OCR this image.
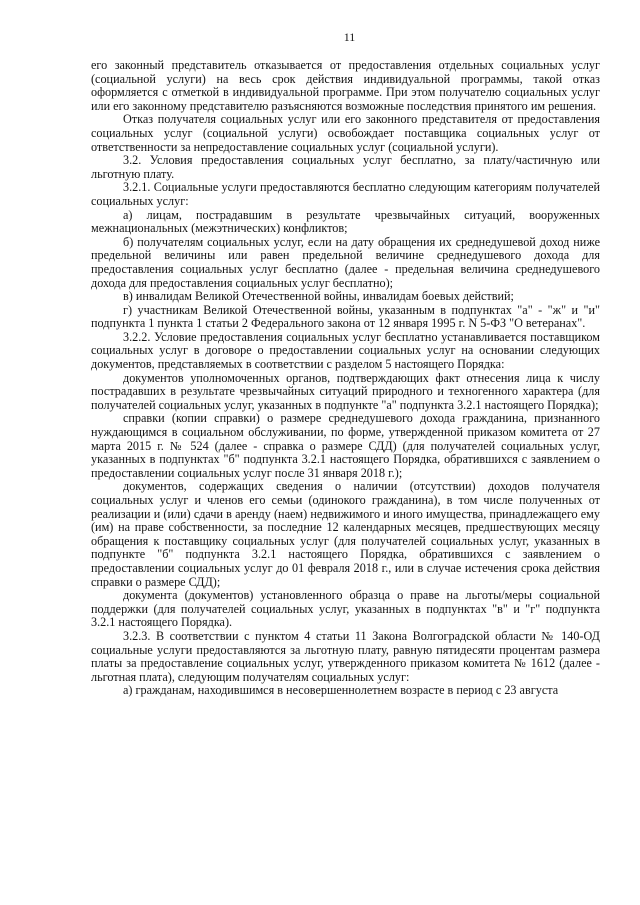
11

его законный представитель отказывается от предоставления отдельных социальных услуг (социальной услуги) на весь срок действия индивидуальной программы, такой отказ оформляется с отметкой в индивидуальной программе. При этом получателю социальных услуг или его законному представителю разъясняются возможные последствия принятого им решения.

Отказ получателя социальных услуг или его законного представителя от предоставления социальных услуг (социальной услуги) освобождает поставщика социальных услуг от ответственности за непредоставление социальных услуг (социальной услуги).

3.2. Условия предоставления социальных услуг бесплатно, за плату/частичную или льготную плату.

3.2.1. Социальные услуги предоставляются бесплатно следующим категориям получателей социальных услуг:

а) лицам, пострадавшим в результате чрезвычайных ситуаций, вооруженных межнациональных (межэтнических) конфликтов;

б) получателям социальных услуг, если на дату обращения их среднедушевой доход ниже предельной величины или равен предельной величине среднедушевого дохода для предоставления социальных услуг бесплатно (далее - предельная величина среднедушевого дохода для предоставления социальных услуг бесплатно);

в) инвалидам Великой Отечественной войны, инвалидам боевых действий;

г) участникам Великой Отечественной войны, указанным в подпунктах "а" - "ж" и "и" подпункта 1 пункта 1 статьи 2 Федерального закона от 12 января 1995 г. N 5-ФЗ "О ветеранах".

3.2.2. Условие предоставления социальных услуг бесплатно устанавливается поставщиком социальных услуг в договоре о предоставлении социальных услуг на основании следующих документов, представляемых в соответствии с разделом 5 настоящего Порядка:

документов уполномоченных органов, подтверждающих факт отнесения лица к числу пострадавших в результате чрезвычайных ситуаций природного и техногенного характера (для получателей социальных услуг, указанных в подпункте "а" подпункта 3.2.1 настоящего Порядка);

справки (копии справки) о размере среднедушевого дохода гражданина, признанного нуждающимся в социальном обслуживании, по форме, утвержденной приказом комитета от 27 марта 2015 г. № 524 (далее - справка о размере СДД) (для получателей социальных услуг, указанных в подпунктах "б" подпункта 3.2.1 настоящего Порядка, обратившихся с заявлением о предоставлении социальных услуг после 31 января 2018 г.);

документов, содержащих сведения о наличии (отсутствии) доходов получателя социальных услуг и членов его семьи (одинокого гражданина), в том числе полученных от реализации и (или) сдачи в аренду (наем) недвижимого и иного имущества, принадлежащего ему (им) на праве собственности, за последние 12 календарных месяцев, предшествующих месяцу обращения к поставщику социальных услуг (для получателей социальных услуг, указанных в подпункте "б" подпункта 3.2.1 настоящего Порядка, обратившихся с заявлением о предоставлении социальных услуг до 01 февраля 2018 г., или в случае истечения срока действия справки о размере СДД);

документа (документов) установленного образца о праве на льготы/меры социальной поддержки (для получателей социальных услуг, указанных в подпунктах "в" и "г" подпункта 3.2.1 настоящего Порядка).

3.2.3. В соответствии с пунктом 4 статьи 11 Закона Волгоградской области № 140-ОД социальные услуги предоставляются за льготную плату, равную пятидесяти процентам размера платы за предоставление социальных услуг, утвержденного приказом комитета № 1612 (далее - льготная плата), следующим получателям социальных услуг:

а) гражданам, находившимся в несовершеннолетнем возрасте в период с 23 августа
